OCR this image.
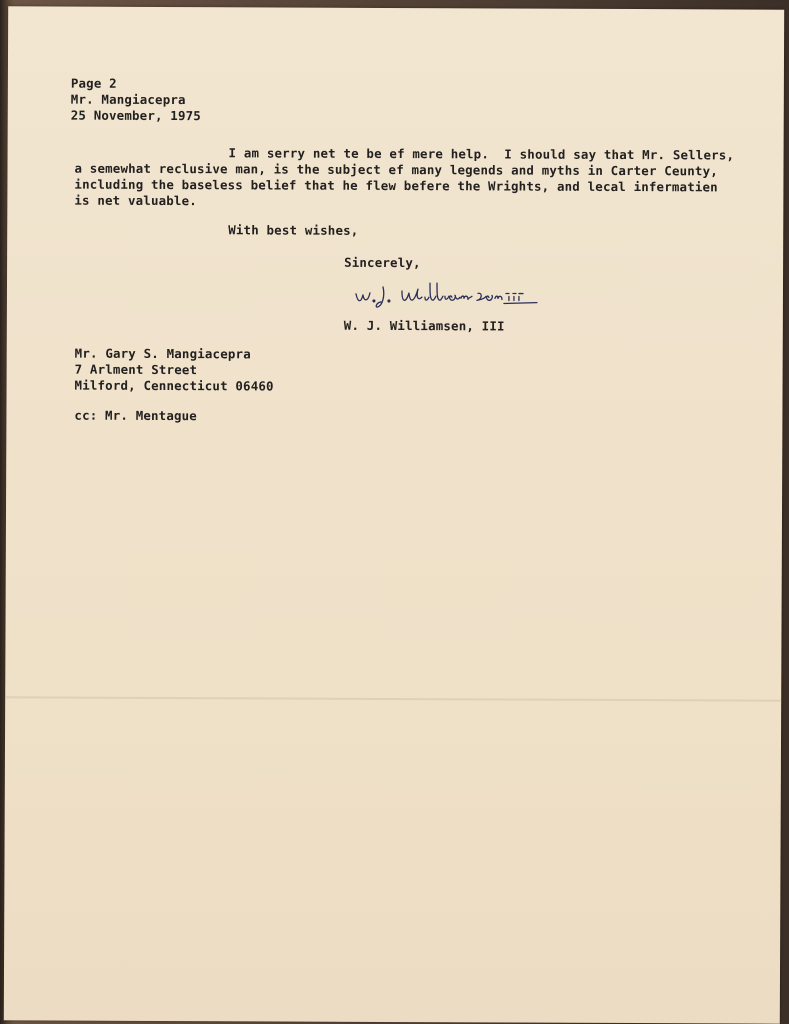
Page 2
Mr. Mangiacepra
25 November, 1975
I am serry net te be ef mere help.  I should say that Mr. Sellers,
a semewhat reclusive man, is the subject ef many legends and myths in Carter Ceunty,
including the baseless belief that he flew befere the Wrights, and lecal infermatien
is net valuable.
With best wishes,
Sincerely,
W. J. Williamsen, III
Mr. Gary S. Mangiacepra
7 Arlment Street
Milford, Cennecticut 06460
cc: Mr. Mentague
